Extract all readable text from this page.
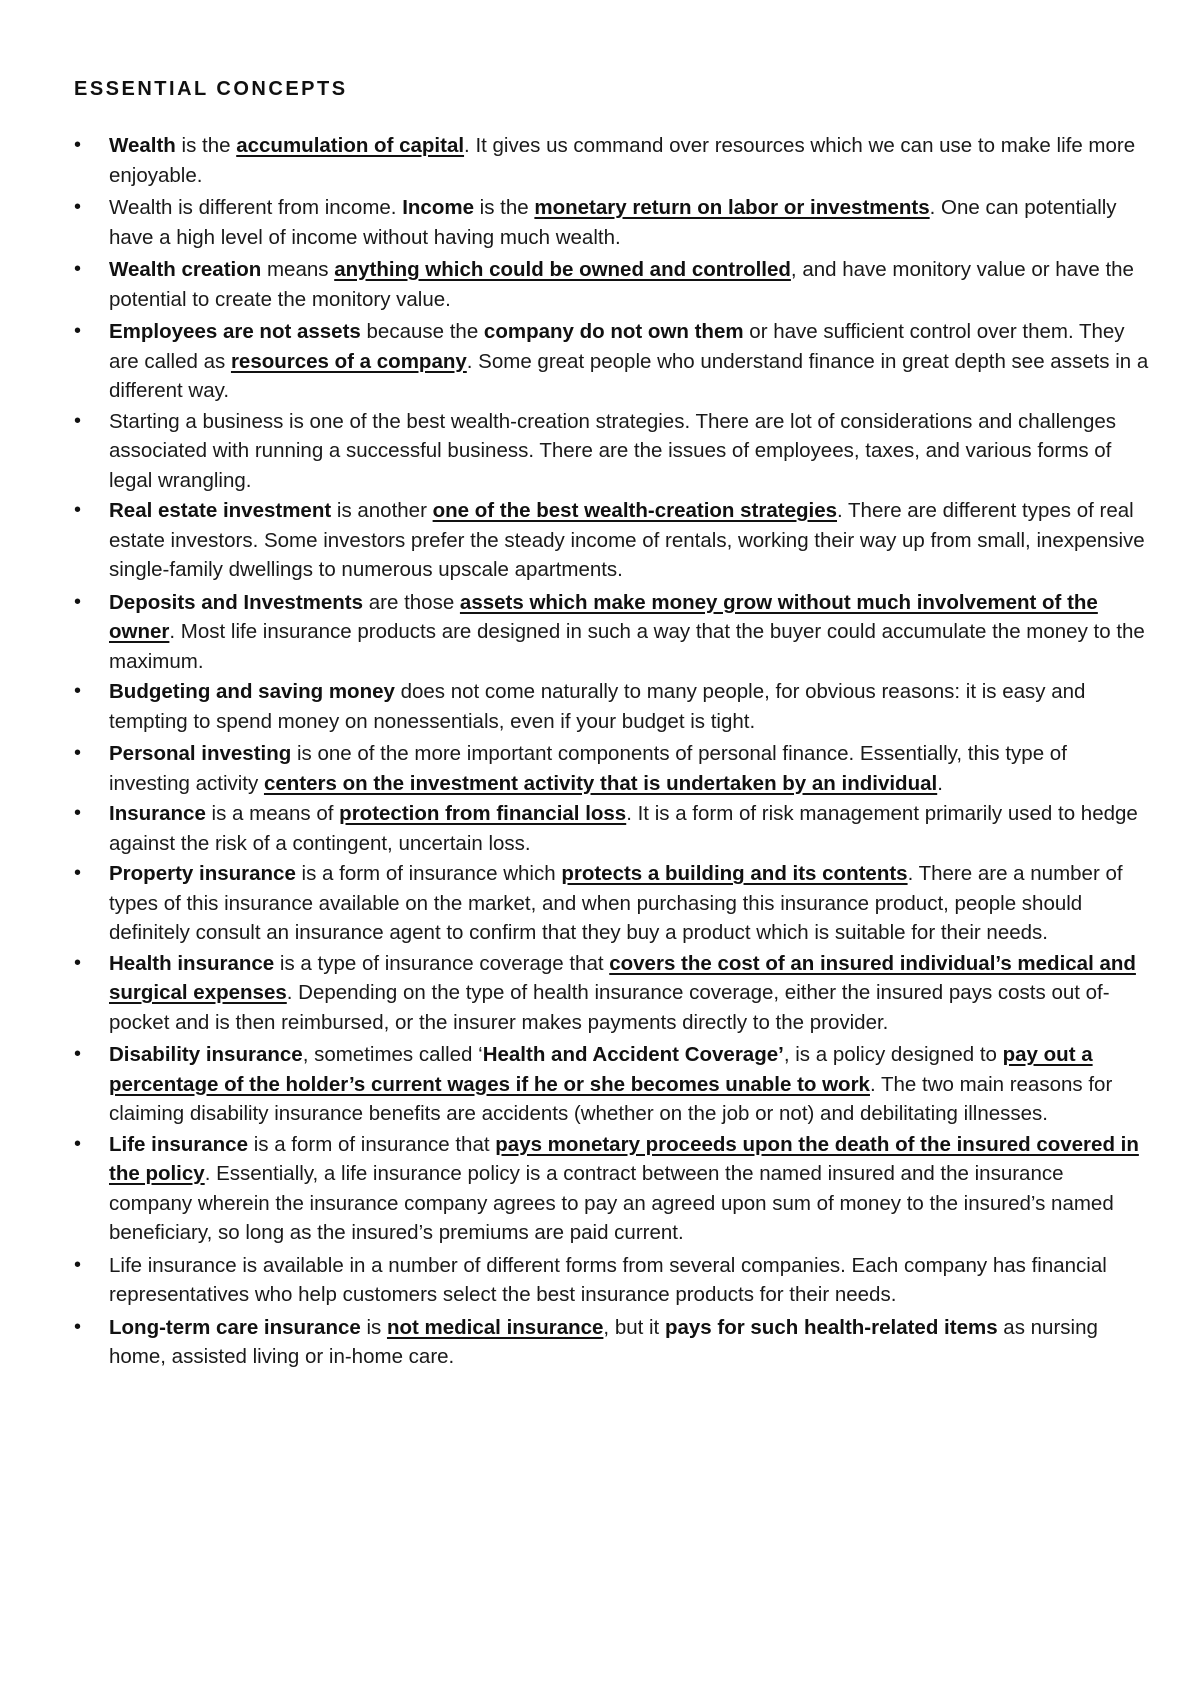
ESSENTIAL CONCEPTS
• Wealth is the accumulation of capital. It gives us command over resources which we can use to make life more enjoyable.
• Wealth is different from income. Income is the monetary return on labor or investments. One can potentially have a high level of income without having much wealth.
• Wealth creation means anything which could be owned and controlled, and have monitory value or have the potential to create the monitory value.
• Employees are not assets because the company do not own them or have sufficient control over them. They are called as resources of a company. Some great people who understand finance in great depth see assets in a different way.
• Starting a business is one of the best wealth-creation strategies. There are lot of considerations and challenges associated with running a successful business. There are the issues of employees, taxes, and various forms of legal wrangling.
• Real estate investment is another one of the best wealth-creation strategies. There are different types of real estate investors. Some investors prefer the steady income of rentals, working their way up from small, inexpensive single-family dwellings to numerous upscale apartments.
• Deposits and Investments are those assets which make money grow without much involvement of the owner. Most life insurance products are designed in such a way that the buyer could accumulate the money to the maximum.
• Budgeting and saving money does not come naturally to many people, for obvious reasons: it is easy and tempting to spend money on nonessentials, even if your budget is tight.
• Personal investing is one of the more important components of personal finance. Essentially, this type of investing activity centers on the investment activity that is undertaken by an individual.
• Insurance is a means of protection from financial loss. It is a form of risk management primarily used to hedge against the risk of a contingent, uncertain loss.
• Property insurance is a form of insurance which protects a building and its contents. There are a number of types of this insurance available on the market, and when purchasing this insurance product, people should definitely consult an insurance agent to confirm that they buy a product which is suitable for their needs.
• Health insurance is a type of insurance coverage that covers the cost of an insured individual’s medical and surgical expenses. Depending on the type of health insurance coverage, either the insured pays costs out of-pocket and is then reimbursed, or the insurer makes payments directly to the provider.
• Disability insurance, sometimes called ‘Health and Accident Coverage’, is a policy designed to pay out a percentage of the holder’s current wages if he or she becomes unable to work. The two main reasons for claiming disability insurance benefits are accidents (whether on the job or not) and debilitating illnesses.
• Life insurance is a form of insurance that pays monetary proceeds upon the death of the insured covered in the policy. Essentially, a life insurance policy is a contract between the named insured and the insurance company wherein the insurance company agrees to pay an agreed upon sum of money to the insured’s named beneficiary, so long as the insured’s premiums are paid current.
• Life insurance is available in a number of different forms from several companies. Each company has financial representatives who help customers select the best insurance products for their needs.
• Long-term care insurance is not medical insurance, but it pays for such health-related items as nursing home, assisted living or in-home care.
